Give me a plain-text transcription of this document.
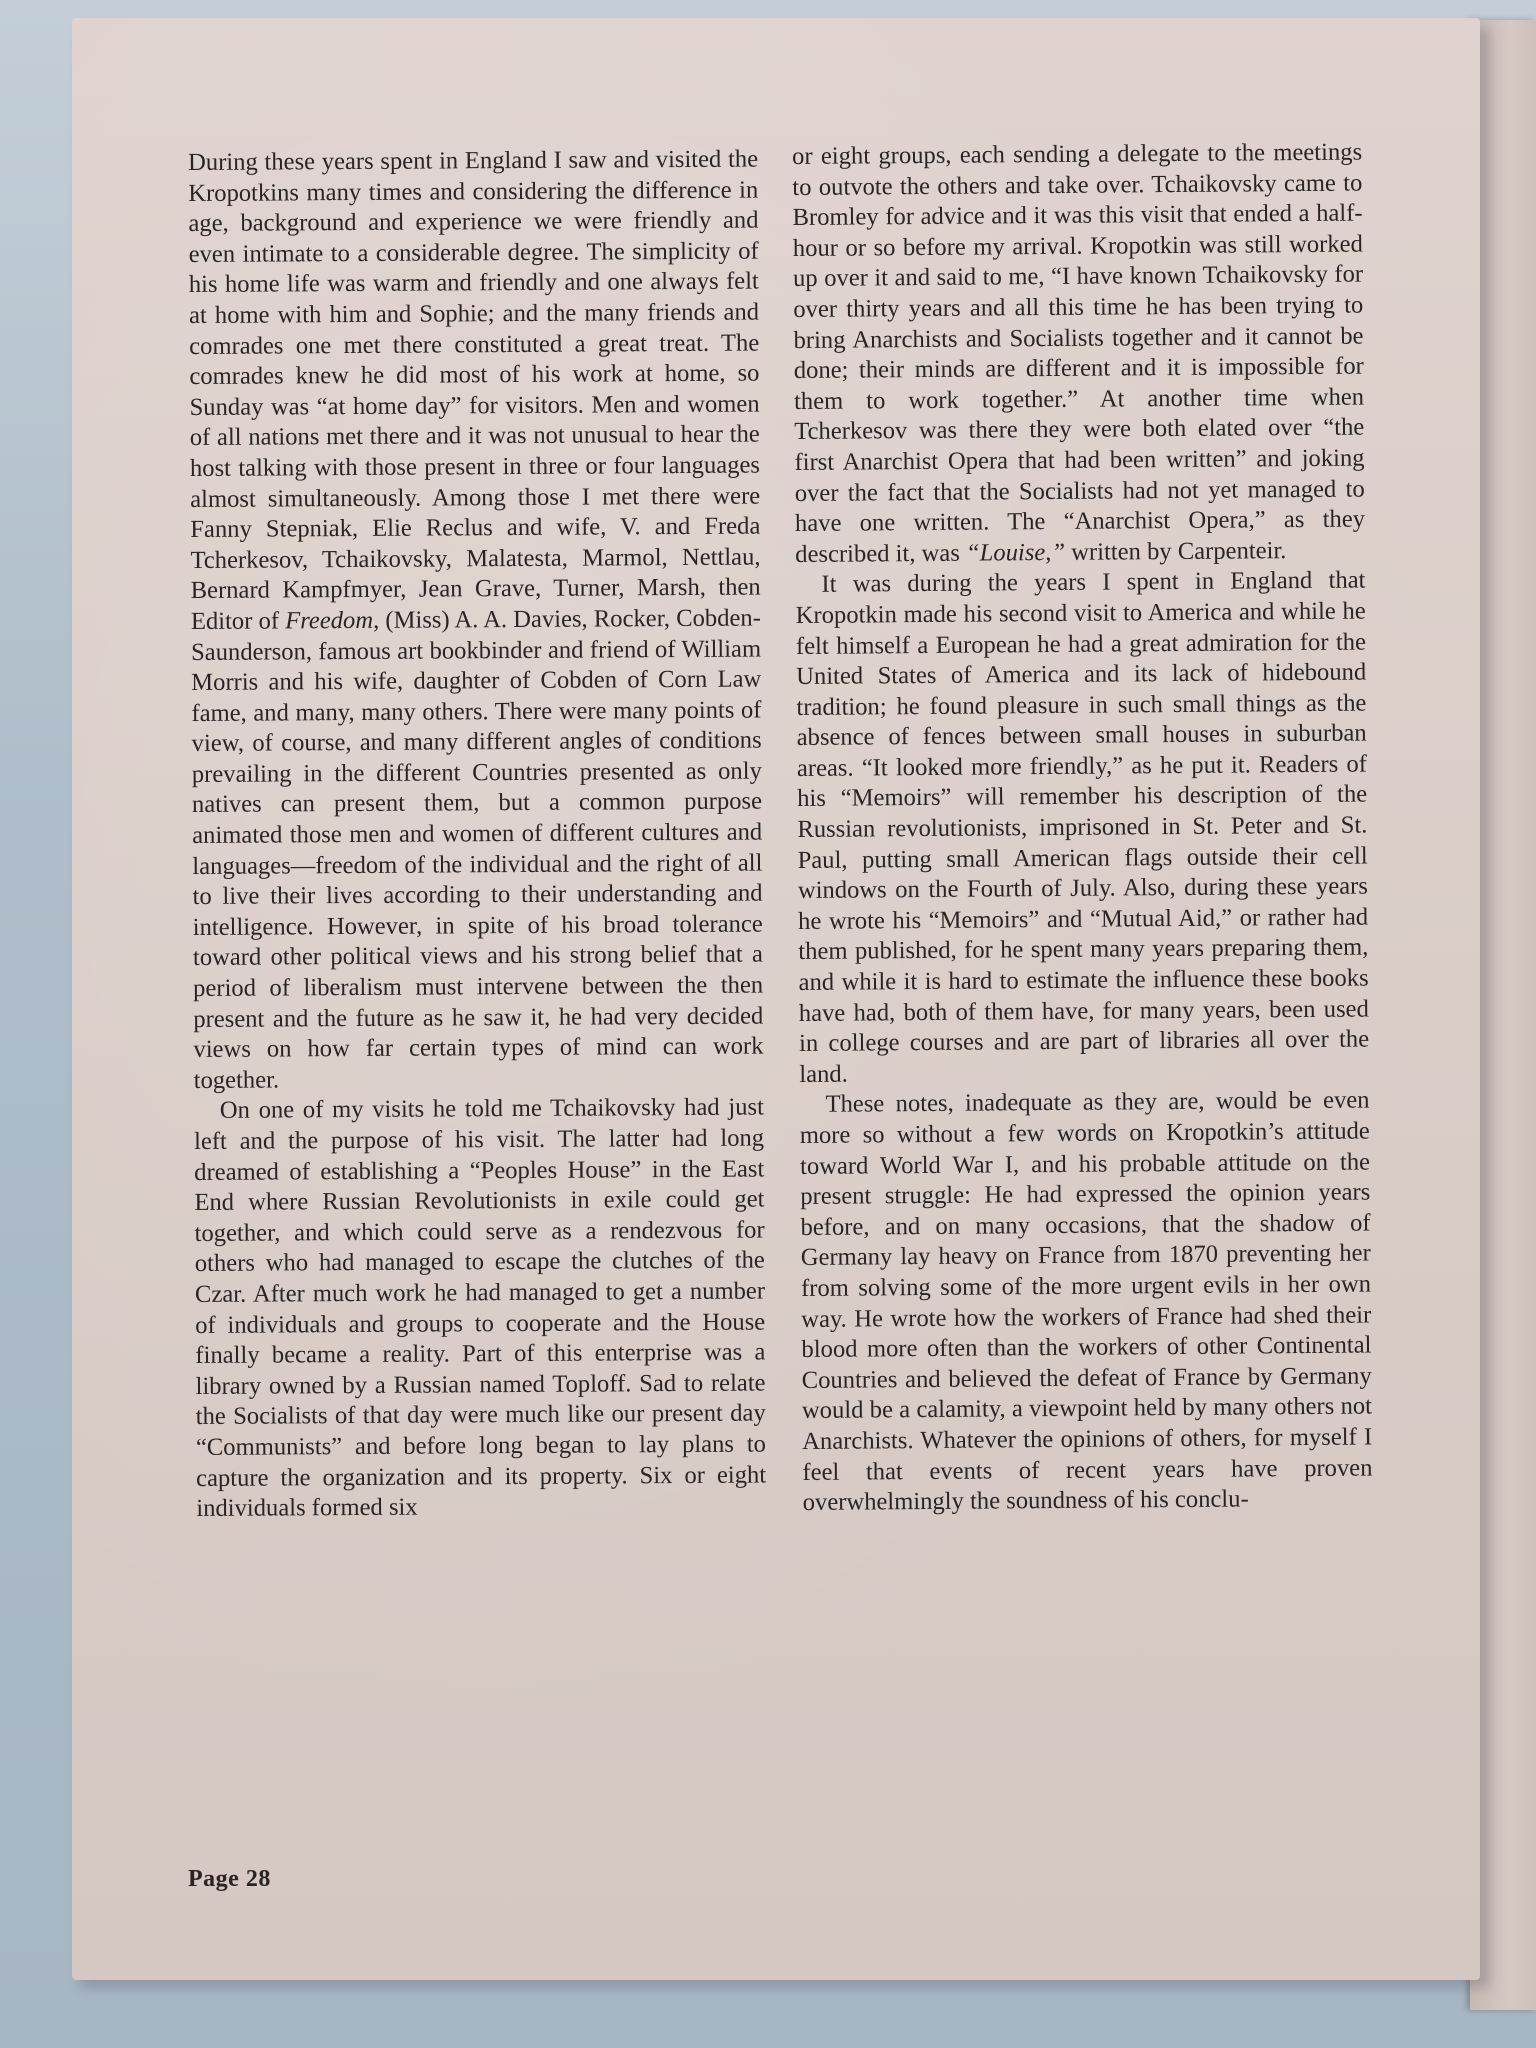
During these years spent in England I saw and visited the Kropotkins many times and considering the difference in age, background and experience we were friendly and even intimate to a considerable degree. The simplicity of his home life was warm and friendly and one always felt at home with him and Sophie; and the many friends and comrades one met there constituted a great treat. The comrades knew he did most of his work at home, so Sunday was “at home day” for visitors. Men and women of all nations met there and it was not unusual to hear the host talking with those present in three or four languages almost simultaneously. Among those I met there were Fanny Stepniak, Elie Reclus and wife, V. and Freda Tcherkesov, Tchaikovsky, Malatesta, Marmol, Nettlau, Bernard Kampfmyer, Jean Grave, Turner, Marsh, then Editor of Freedom, (Miss) A. A. Davies, Rocker, Cobden-Saunderson, famous art bookbinder and friend of William Morris and his wife, daughter of Cobden of Corn Law fame, and many, many others. There were many points of view, of course, and many different angles of conditions prevailing in the different Countries presented as only natives can present them, but a common purpose animated those men and women of different cultures and languages—freedom of the individual and the right of all to live their lives according to their understanding and intelligence. However, in spite of his broad tolerance toward other political views and his strong belief that a period of liberalism must intervene between the then present and the future as he saw it, he had very decided views on how far certain types of mind can work together.

On one of my visits he told me Tchaikovsky had just left and the purpose of his visit. The latter had long dreamed of establishing a “Peoples House” in the East End where Russian Revolutionists in exile could get together, and which could serve as a rendezvous for others who had managed to escape the clutches of the Czar. After much work he had managed to get a number of individuals and groups to cooperate and the House finally became a reality. Part of this enterprise was a library owned by a Russian named Toploff. Sad to relate the Socialists of that day were much like our present day “Communists” and before long began to lay plans to capture the organization and its property. Six or eight individuals formed six

or eight groups, each sending a delegate to the meetings to outvote the others and take over. Tchaikovsky came to Bromley for advice and it was this visit that ended a half-hour or so before my arrival. Kropotkin was still worked up over it and said to me, “I have known Tchaikovsky for over thirty years and all this time he has been trying to bring Anarchists and Socialists together and it cannot be done; their minds are different and it is impossible for them to work together.” At another time when Tcherkesov was there they were both elated over “the first Anarchist Opera that had been written” and joking over the fact that the Socialists had not yet managed to have one written. The “Anarchist Opera,” as they described it, was “Louise,” written by Carpenteir.

It was during the years I spent in England that Kropotkin made his second visit to America and while he felt himself a European he had a great admiration for the United States of America and its lack of hidebound tradition; he found pleasure in such small things as the absence of fences between small houses in suburban areas. “It looked more friendly,” as he put it. Readers of his “Memoirs” will remember his description of the Russian revolutionists, imprisoned in St. Peter and St. Paul, putting small American flags outside their cell windows on the Fourth of July. Also, during these years he wrote his “Memoirs” and “Mutual Aid,” or rather had them published, for he spent many years preparing them, and while it is hard to estimate the influence these books have had, both of them have, for many years, been used in college courses and are part of libraries all over the land.

These notes, inadequate as they are, would be even more so without a few words on Kropotkin’s attitude toward World War I, and his probable attitude on the present struggle: He had expressed the opinion years before, and on many occasions, that the shadow of Germany lay heavy on France from 1870 preventing her from solving some of the more urgent evils in her own way. He wrote how the workers of France had shed their blood more often than the workers of other Continental Countries and believed the defeat of France by Germany would be a calamity, a viewpoint held by many others not Anarchists. Whatever the opinions of others, for myself I feel that events of recent years have proven overwhelmingly the soundness of his conclu-

Page 28
